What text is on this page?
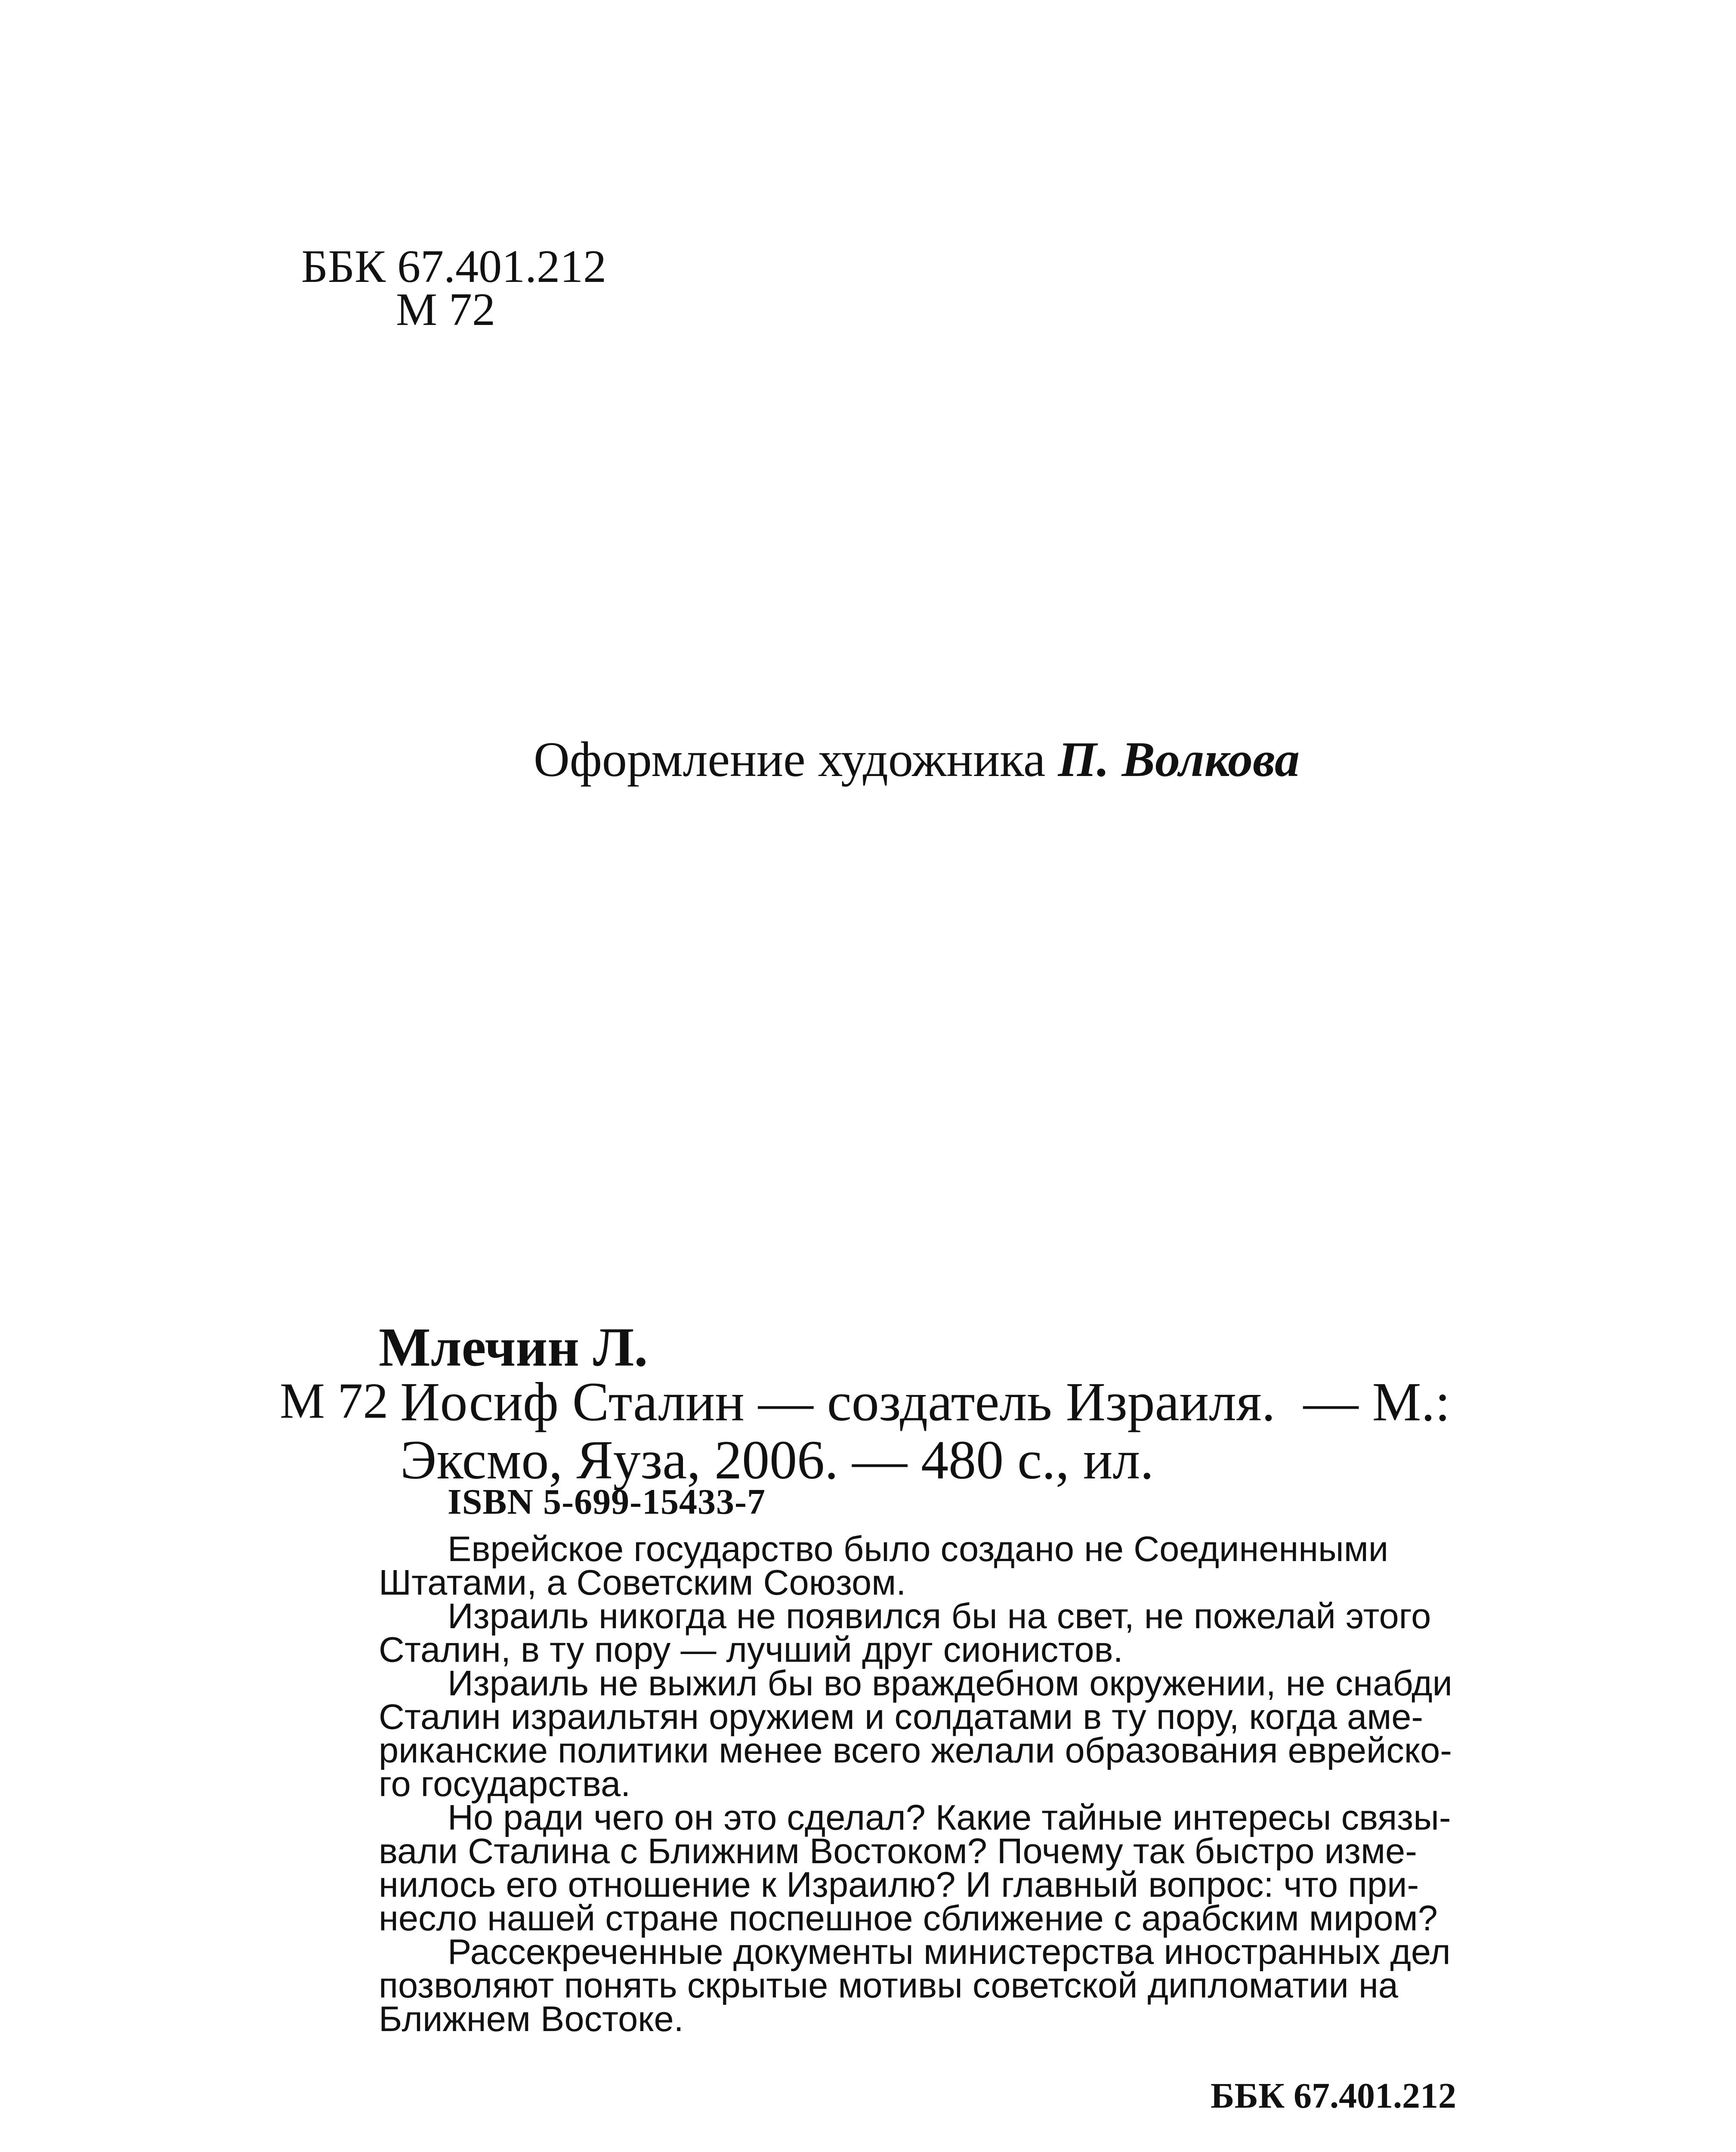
ББК 67.401.212
М 72
Оформление художника П. Волкова
Млечин Л.
М 72 Иосиф Сталин — создатель Израиля. — М.:
Эксмо, Яуза, 2006. — 480 с., ил.
ISBN 5-699-15433-7

Еврейское государство было создано не Соединенными

Штатами, а Советским Союзом.

Израиль никогда не появился бы на свет, не пожелай этого

Сталин, в ту пору — лучший друг сионистов.

Израиль не выжил бы во враждебном окружении, не снабди

Сталин израильтян оружием и солдатами в ту пору, когда аме-

риканские политики менее всего желали образования еврейско-

го государства.

Но ради чего он это сделал? Какие тайные интересы связы-

вали Сталина с Ближним Востоком? Почему так быстро изме-

нилось его отношение к Израилю? И главный вопрос: что при-

несло нашей стране поспешное сближение с арабским миром?

Рассекреченные документы министерства иностранных дел

позволяют понять скрытые мотивы советской дипломатии на

Ближнем Востоке.

ББК 67.401.212
